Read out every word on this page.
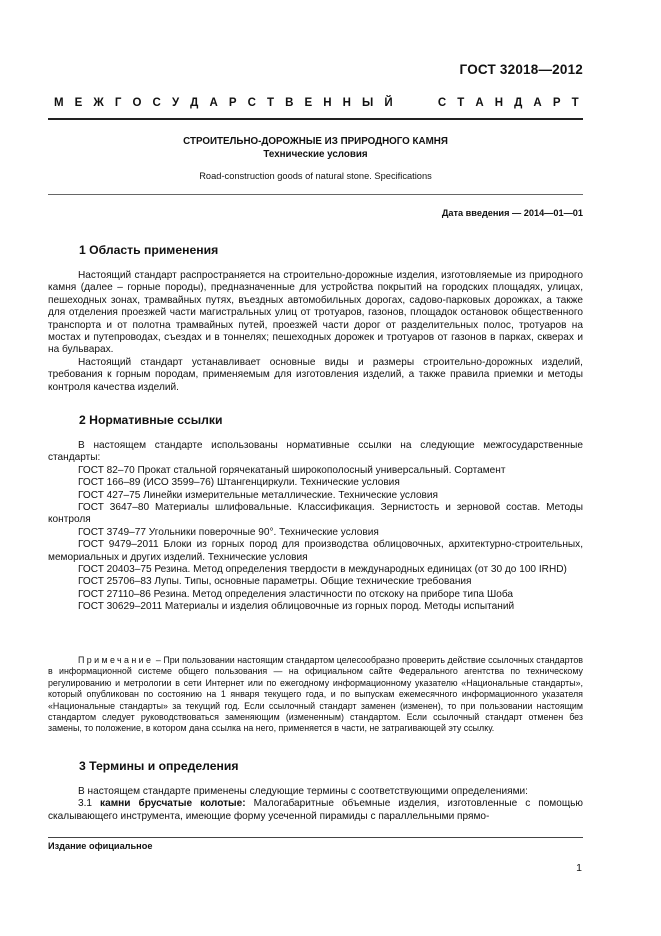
ГОСТ 32018—2012
М Е Ж Г О С У Д А Р С Т В Е Н Н Ы Й	С Т А Н Д А Р Т
СТРОИТЕЛЬНО-ДОРОЖНЫЕ ИЗ ПРИРОДНОГО КАМНЯ
Технические условия
Road-construction goods of natural stone. Specifications
Дата введения — 2014—01—01
1 Область применения

Настоящий стандарт распространяется на строительно-дорожные изделия, изготовляемые из природного камня (далее – горные породы), предназначенные для устройства покрытий на городских площадях, улицах, пешеходных зонах, трамвайных путях, въездных автомобильных дорогах, садово-парковых дорожках, а также для отделения проезжей части магистральных улиц от тротуаров, газонов, площадок остановок общественного транспорта и от полотна трамвайных путей, проезжей части дорог от разделительных полос, тротуаров на мостах и путепроводах, съездах и в тоннелях; пешеходных дорожек и тротуаров от газонов в парках, скверах и на бульварах.

Настоящий стандарт устанавливает основные виды и размеры строительно-дорожных изделий, требования к горным породам, применяемым для изготовления изделий, а также правила приемки и методы контроля качества изделий.

2 Нормативные ссылки

В настоящем стандарте использованы нормативные ссылки на следующие межгосударственные стандарты:

ГОСТ 82–70 Прокат стальной горячекатаный широкополосный универсальный. Сортамент

ГОСТ 166–89 (ИСО 3599–76) Штангенциркули. Технические условия

ГОСТ 427–75 Линейки измерительные металлические. Технические условия

ГОСТ 3647–80 Материалы шлифовальные. Классификация. Зернистость и зерновой состав. Методы контроля

ГОСТ 3749–77 Угольники поверочные 90°. Технические условия

ГОСТ 9479–2011 Блоки из горных пород для производства облицовочных, архитектурно-строительных, мемориальных и других изделий. Технические условия

ГОСТ 20403–75 Резина. Метод определения твердости в международных единицах (от 30 до 100 IRHD)

ГОСТ 25706–83 Лупы. Типы, основные параметры. Общие технические требования

ГОСТ 27110–86 Резина. Метод определения эластичности по отскоку на приборе типа Шоба

ГОСТ 30629–2011 Материалы и изделия облицовочные из горных пород. Методы испытаний

Примечание – При пользовании настоящим стандартом целесообразно проверить действие ссылочных стандартов в информационной системе общего пользования — на официальном сайте Федерального агентства по техническому регулированию и метрологии в сети Интернет или по ежегодному информационному указателю «Национальные стандарты», который опубликован по состоянию на 1 января текущего года, и по выпускам ежемесячного информационного указателя «Национальные стандарты» за текущий год. Если ссылочный стандарт заменен (изменен), то при пользовании настоящим стандартом следует руководствоваться заменяющим (измененным) стандартом. Если ссылочный стандарт отменен без замены, то положение, в котором дана ссылка на него, применяется в части, не затрагивающей эту ссылку.

3 Термины и определения

В настоящем стандарте применены следующие термины с соответствующими определениями:

3.1 камни брусчатые колотые: Малогабаритные объемные изделия, изготовленные с помощью скалывающего инструмента, имеющие форму усеченной пирамиды с параллельными прямо-

Издание официальное
1
